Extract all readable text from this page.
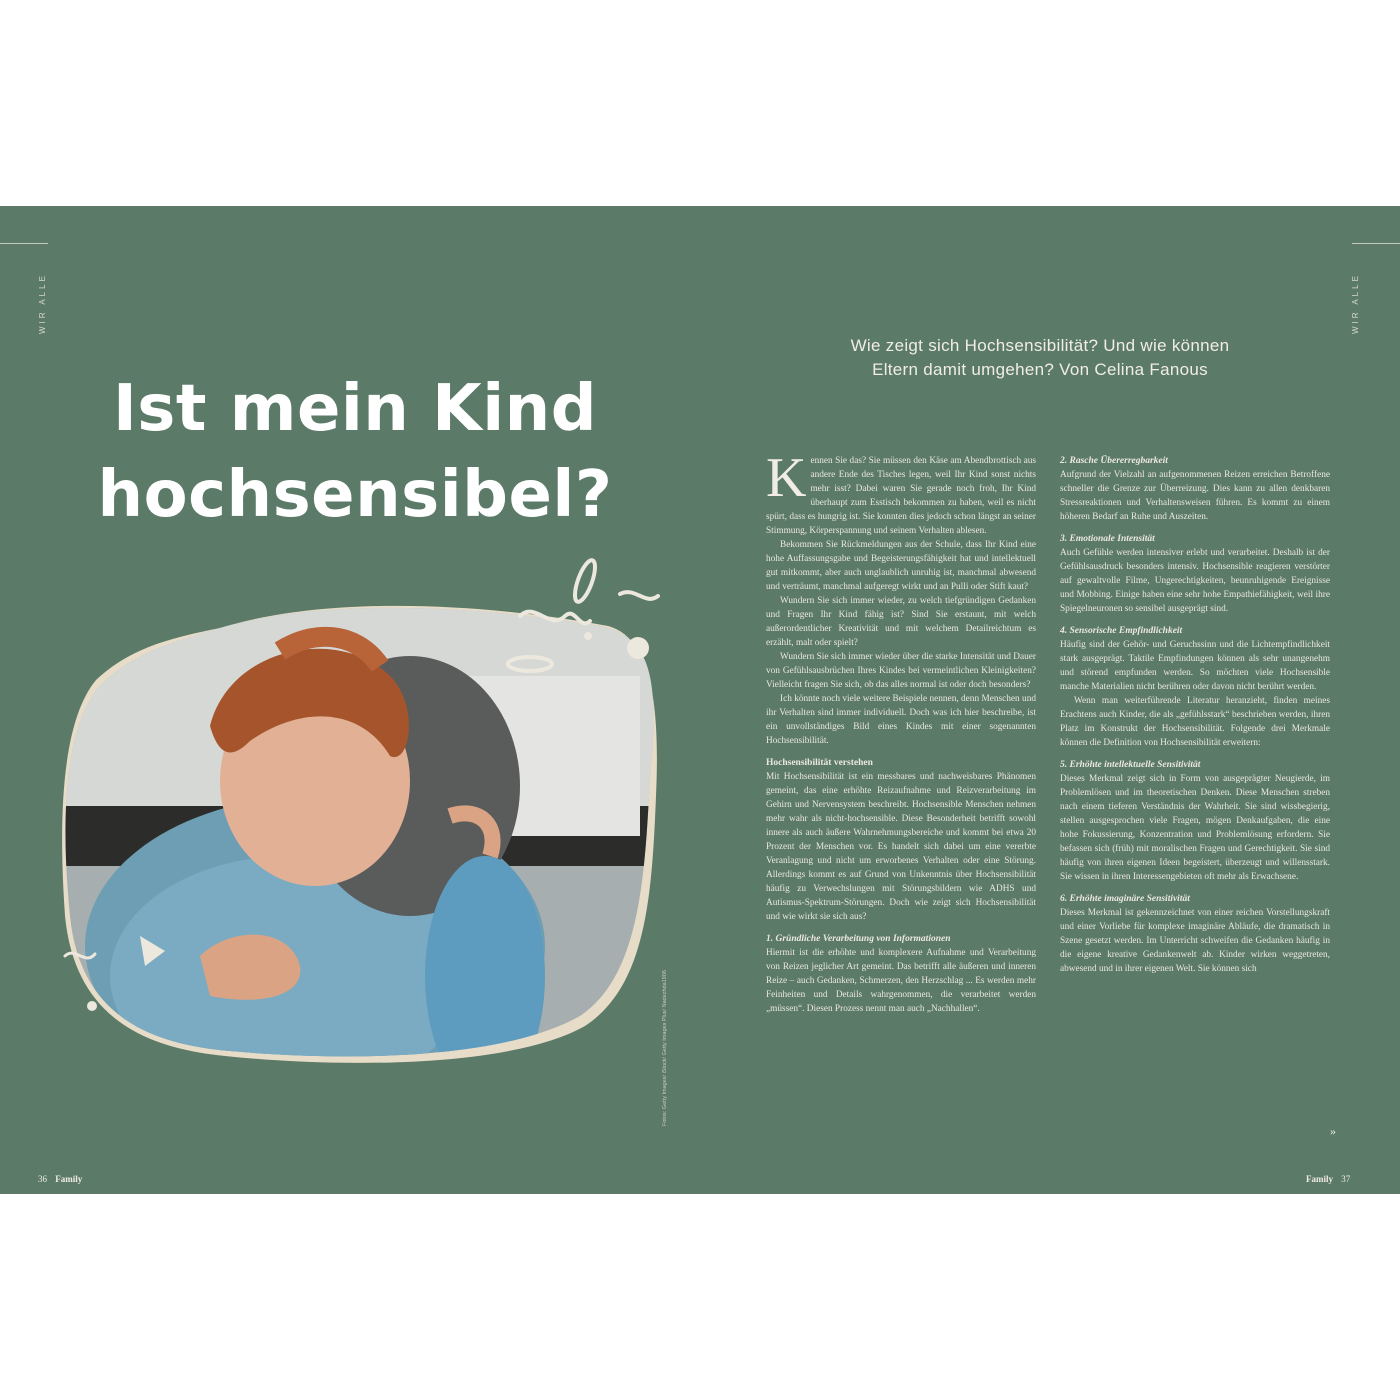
WIR ALLE	WIR ALLE
Ist mein Kind
hochsensibel?
Fotos: Getty Images/ iStock/ Getty Images Plus/ Nadezhda1906
Wie zeigt sich Hochsensibilität? Und wie können
Eltern damit umgehen? Von Celina Fanous

Kennen Sie das? Sie müssen den Käse am Abendbrottisch aus andere Ende des Tisches legen, weil Ihr Kind sonst nichts mehr isst? Dabei waren Sie gerade noch froh, Ihr Kind überhaupt zum Esstisch bekommen zu haben, weil es nicht spürt, dass es hungrig ist. Sie konnten dies jedoch schon längst an seiner Stimmung, Körperspannung und seinem Verhalten ablesen.

Bekommen Sie Rückmeldungen aus der Schule, dass Ihr Kind eine hohe Auffassungsgabe und Begeisterungsfähigkeit hat und intellektuell gut mitkommt, aber auch unglaublich unruhig ist, manchmal abwesend und verträumt, manchmal aufgeregt wirkt und an Pulli oder Stift kaut?

Wundern Sie sich immer wieder, zu welch tiefgründigen Gedanken und Fragen Ihr Kind fähig ist? Sind Sie erstaunt, mit welch außerordentlicher Kreativität und mit welchem Detailreichtum es erzählt, malt oder spielt?

Wundern Sie sich immer wieder über die starke Intensität und Dauer von Gefühlsausbrüchen Ihres Kindes bei vermeintlichen Kleinigkeiten? Vielleicht fragen Sie sich, ob das alles normal ist oder doch besonders?

Ich könnte noch viele weitere Beispiele nennen, denn Menschen und ihr Verhalten sind immer individuell. Doch was ich hier beschreibe, ist ein unvollständiges Bild eines Kindes mit einer sogenannten Hochsensibilität.

Hochsensibilität verstehen

Mit Hochsensibilität ist ein messbares und nachweisbares Phänomen gemeint, das eine erhöhte Reizaufnahme und Reizverarbeitung im Gehirn und Nervensystem beschreibt. Hochsensible Menschen nehmen mehr wahr als nicht-hochsensible. Diese Besonderheit betrifft sowohl innere als auch äußere Wahrnehmungsbereiche und kommt bei etwa 20 Prozent der Menschen vor. Es handelt sich dabei um eine vererbte Veranlagung und nicht um erworbenes Verhalten oder eine Störung. Allerdings kommt es auf Grund von Unkenntnis über Hochsensibilität häufig zu Verwechslungen mit Störungsbildern wie ADHS und Autismus-Spektrum-Störungen. Doch wie zeigt sich Hochsensibilität und wie wirkt sie sich aus?

1. Gründliche Verarbeitung von Informationen

Hiermit ist die erhöhte und komplexere Aufnahme und Verarbeitung von Reizen jeglicher Art gemeint. Das betrifft alle äußeren und inneren Reize – auch Gedanken, Schmerzen, den Herzschlag ... Es werden mehr Feinheiten und Details wahrgenommen, die verarbeitet werden „müssen“. Diesen Prozess nennt man auch „Nachhallen“.

2. Rasche Übererregbarkeit

Aufgrund der Vielzahl an aufgenommenen Reizen erreichen Betroffene schneller die Grenze zur Überreizung. Dies kann zu allen denkbaren Stressreaktionen und Verhaltensweisen führen. Es kommt zu einem höheren Bedarf an Ruhe und Auszeiten.

3. Emotionale Intensität

Auch Gefühle werden intensiver erlebt und verarbeitet. Deshalb ist der Gefühlsausdruck besonders intensiv. Hochsensible reagieren verstörter auf gewaltvolle Filme, Ungerechtigkeiten, beunruhigende Ereignisse und Mobbing. Einige haben eine sehr hohe Empathiefähigkeit, weil ihre Spiegelneuronen so sensibel ausgeprägt sind.

4. Sensorische Empfindlichkeit

Häufig sind der Gehör- und Geruchssinn und die Lichtempfindlichkeit stark ausgeprägt. Taktile Empfindungen können als sehr unangenehm und störend empfunden werden. So möchten viele Hochsensible manche Materialien nicht berühren oder davon nicht berührt werden.

Wenn man weiterführende Literatur heranzieht, finden meines Erachtens auch Kinder, die als „gefühlsstark“ beschrieben werden, ihren Platz im Konstrukt der Hochsensibilität. Folgende drei Merkmale können die Definition von Hochsensibilität erweitern:

5. Erhöhte intellektuelle Sensitivität

Dieses Merkmal zeigt sich in Form von ausgeprägter Neugierde, im Problemlösen und im theoretischen Denken. Diese Menschen streben nach einem tieferen Verständnis der Wahrheit. Sie sind wissbegierig, stellen ausgesprochen viele Fragen, mögen Denkaufgaben, die eine hohe Fokussierung, Konzentration und Problemlösung erfordern. Sie befassen sich (früh) mit moralischen Fragen und Gerechtigkeit. Sie sind häufig von ihren eigenen Ideen begeistert, überzeugt und willensstark. Sie wissen in ihren Interessengebieten oft mehr als Erwachsene.

6. Erhöhte imaginäre Sensitivität

Dieses Merkmal ist gekennzeichnet von einer reichen Vorstellungskraft und einer Vorliebe für komplexe imaginäre Abläufe, die dramatisch in Szene gesetzt werden. Im Unterricht schweifen die Gedanken häufig in die eigene kreative Gedankenwelt ab. Kinder wirken weggetreten, abwesend und in ihrer eigenen Welt. Sie können sich

»
36 Family	Family 37
